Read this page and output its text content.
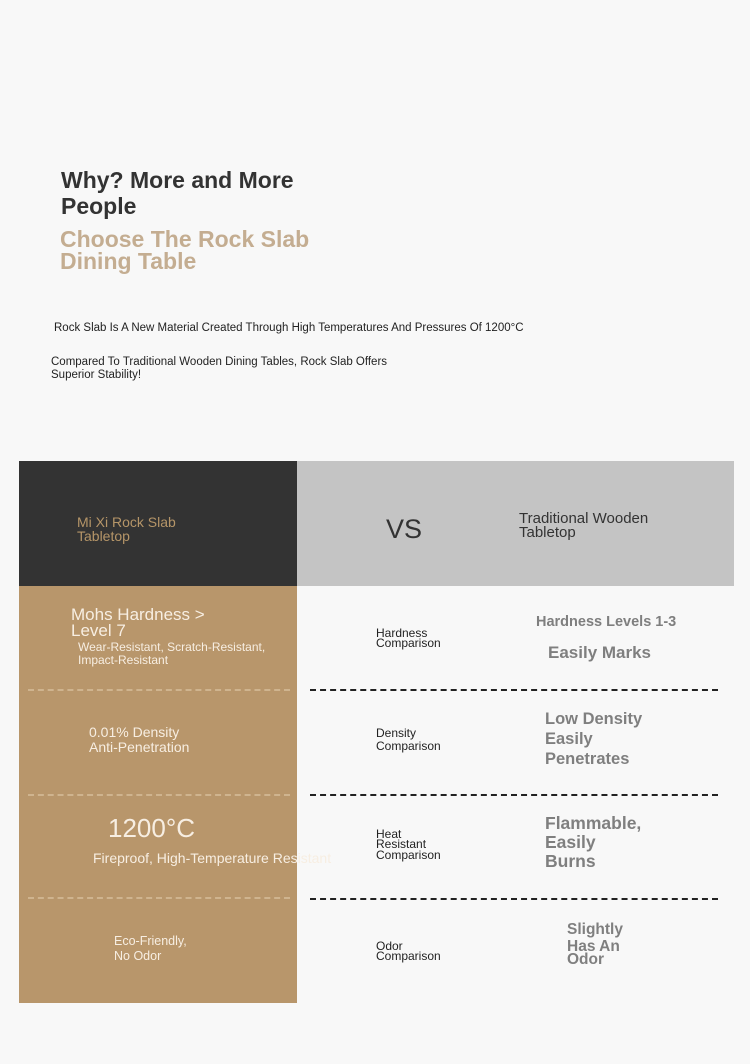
Why? More and More
People
Choose The Rock Slab
Dining Table
Rock Slab Is A New Material Created Through High Temperatures And Pressures Of 1200°C
Compared To Traditional Wooden Dining Tables, Rock Slab Offers
Superior Stability!
Mi Xi Rock Slab
Tabletop	VS	Traditional Wooden
Tabletop
Mohs Hardness >
Level 7
Wear-Resistant, Scratch-Resistant,
Impact-Resistant
Hardness
Comparison
Hardness Levels 1-3
Easily Marks
0.01% Density
Anti-Penetration
Density
Comparison
Low Density
Easily
Penetrates
1200°C
Fireproof, High-Temperature Resistant
Heat
Resistant
Comparison
Flammable,
Easily
Burns
Eco-Friendly,
No Odor
Odor
Comparison
Slightly
Has An
Odor
